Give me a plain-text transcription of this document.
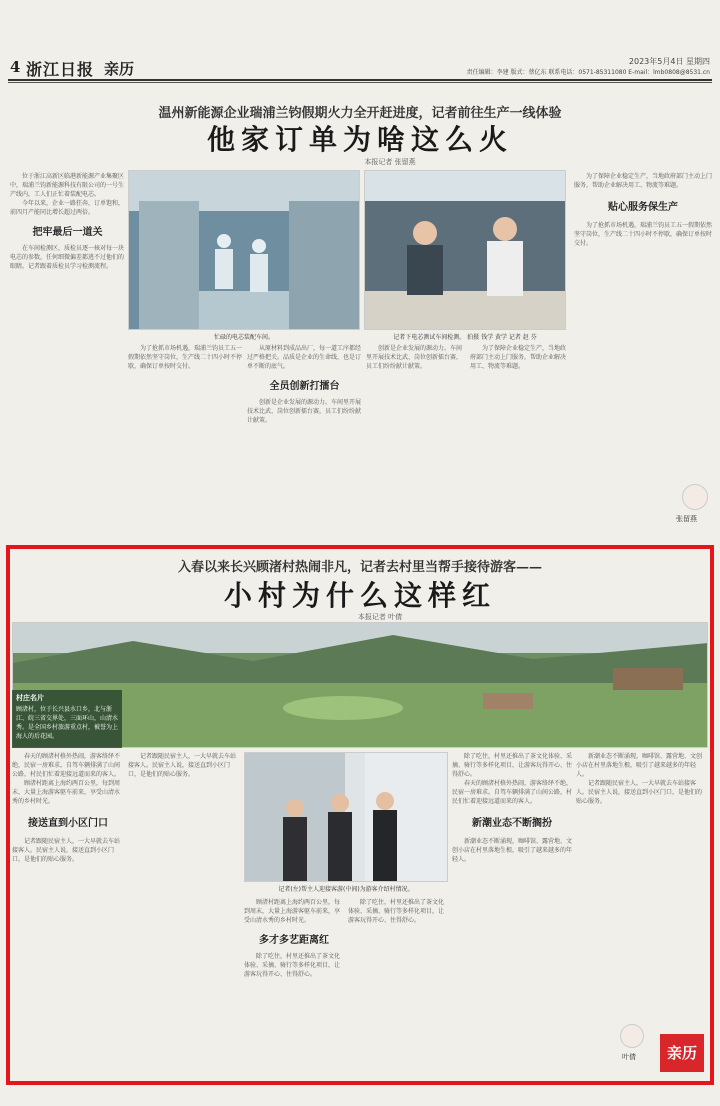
4 浙江日报 亲历	2023年5月4日 星期四
责任编辑：李建 版式：蔡亿东 联系电话：0571-85311080 E-mail：lmb0808@8531.cn
温州新能源企业瑞浦兰钧假期火力全开赶进度，记者前往生产一线体验
他家订单为啥这么火
本报记者 张留燕

位于浙江高新区临港新能源产业集聚区中，瑞浦兰钧新能源科技有限公司的一号生产线内，工人们正忙着装配电芯。

今年以来，企业一路狂奔，订单饱和，前四月产能同比增长超过两倍。

把牢最后一道关

在车间检测区，质检员逐一核对每一块电芯的参数，任何细微偏差都逃不过他们的眼睛。记者跟着质检员学习检测流程。

忙碌的电芯装配车间。	记者下电芯测试车间检测。 拍摄 钱学 黄学 记者 赵 芬

为了抢抓市场机遇，瑞浦兰钧员工五一假期依然坚守岗位，生产线二十四小时不停歇，确保订单按时交付。

从原材料到成品出厂，每一道工序都经过严格把关。品质是企业的生命线，也是订单不断的底气。

全员创新打擂台

创新是企业发展的源动力。车间里开展技术比武、岗位创新擂台赛，员工们纷纷献计献策。

创新是企业发展的源动力。车间里开展技术比武、岗位创新擂台赛，员工们纷纷献计献策。

为了保障企业稳定生产，当地政府部门主动上门服务，帮助企业解决用工、物流等难题。

为了保障企业稳定生产，当地政府部门主动上门服务，帮助企业解决用工、物流等难题。

贴心服务保生产

为了抢抓市场机遇，瑞浦兰钧员工五一假期依然坚守岗位，生产线二十四小时不停歇，确保订单按时交付。

张留燕
入春以来长兴顾渚村热闹非凡，记者去村里当帮手接待游客——
小村为什么这样红
本报记者 叶倩
村庄名片
顾渚村，位于长兴县水口乡，北与浙江、皖三省交界处，三面环山，山清水秀。是全国乡村旅游重点村，被誉为上海人的后花园。

春天的顾渚村格外热闹，游客络绎不绝，民宿一房难求。自驾车辆排满了山间公路，村民们忙着迎接远道而来的客人。

顾渚村距离上海约两百公里，每到周末，大量上海游客驱车前来，享受山清水秀的乡村时光。

接送直到小区门口

记者跟随民宿主人，一大早就去车站接客人。民宿主人说，接送直到小区门口，是他们的贴心服务。

记者跟随民宿主人，一大早就去车站接客人。民宿主人说，接送直到小区门口，是他们的贴心服务。

记者(左)帮主人迎接客游(中间)为游客介绍村情况。

顾渚村距离上海约两百公里，每到周末，大量上海游客驱车前来，享受山清水秀的乡村时光。

多才多艺距离红

除了吃住，村里还推出了茶文化体验、采摘、骑行等多样化项目，让游客玩得开心、住得舒心。

除了吃住，村里还推出了茶文化体验、采摘、骑行等多样化项目，让游客玩得开心、住得舒心。

除了吃住，村里还推出了茶文化体验、采摘、骑行等多样化项目，让游客玩得开心、住得舒心。

春天的顾渚村格外热闹，游客络绎不绝，民宿一房难求。自驾车辆排满了山间公路，村民们忙着迎接远道而来的客人。

新潮业态不断搁扮

新潮业态不断涌现，咖啡馆、露营地、文创小店在村里落地生根，吸引了越来越多的年轻人。

新潮业态不断涌现，咖啡馆、露营地、文创小店在村里落地生根，吸引了越来越多的年轻人。

记者跟随民宿主人，一大早就去车站接客人。民宿主人说，接送直到小区门口，是他们的贴心服务。

叶倩	亲历
